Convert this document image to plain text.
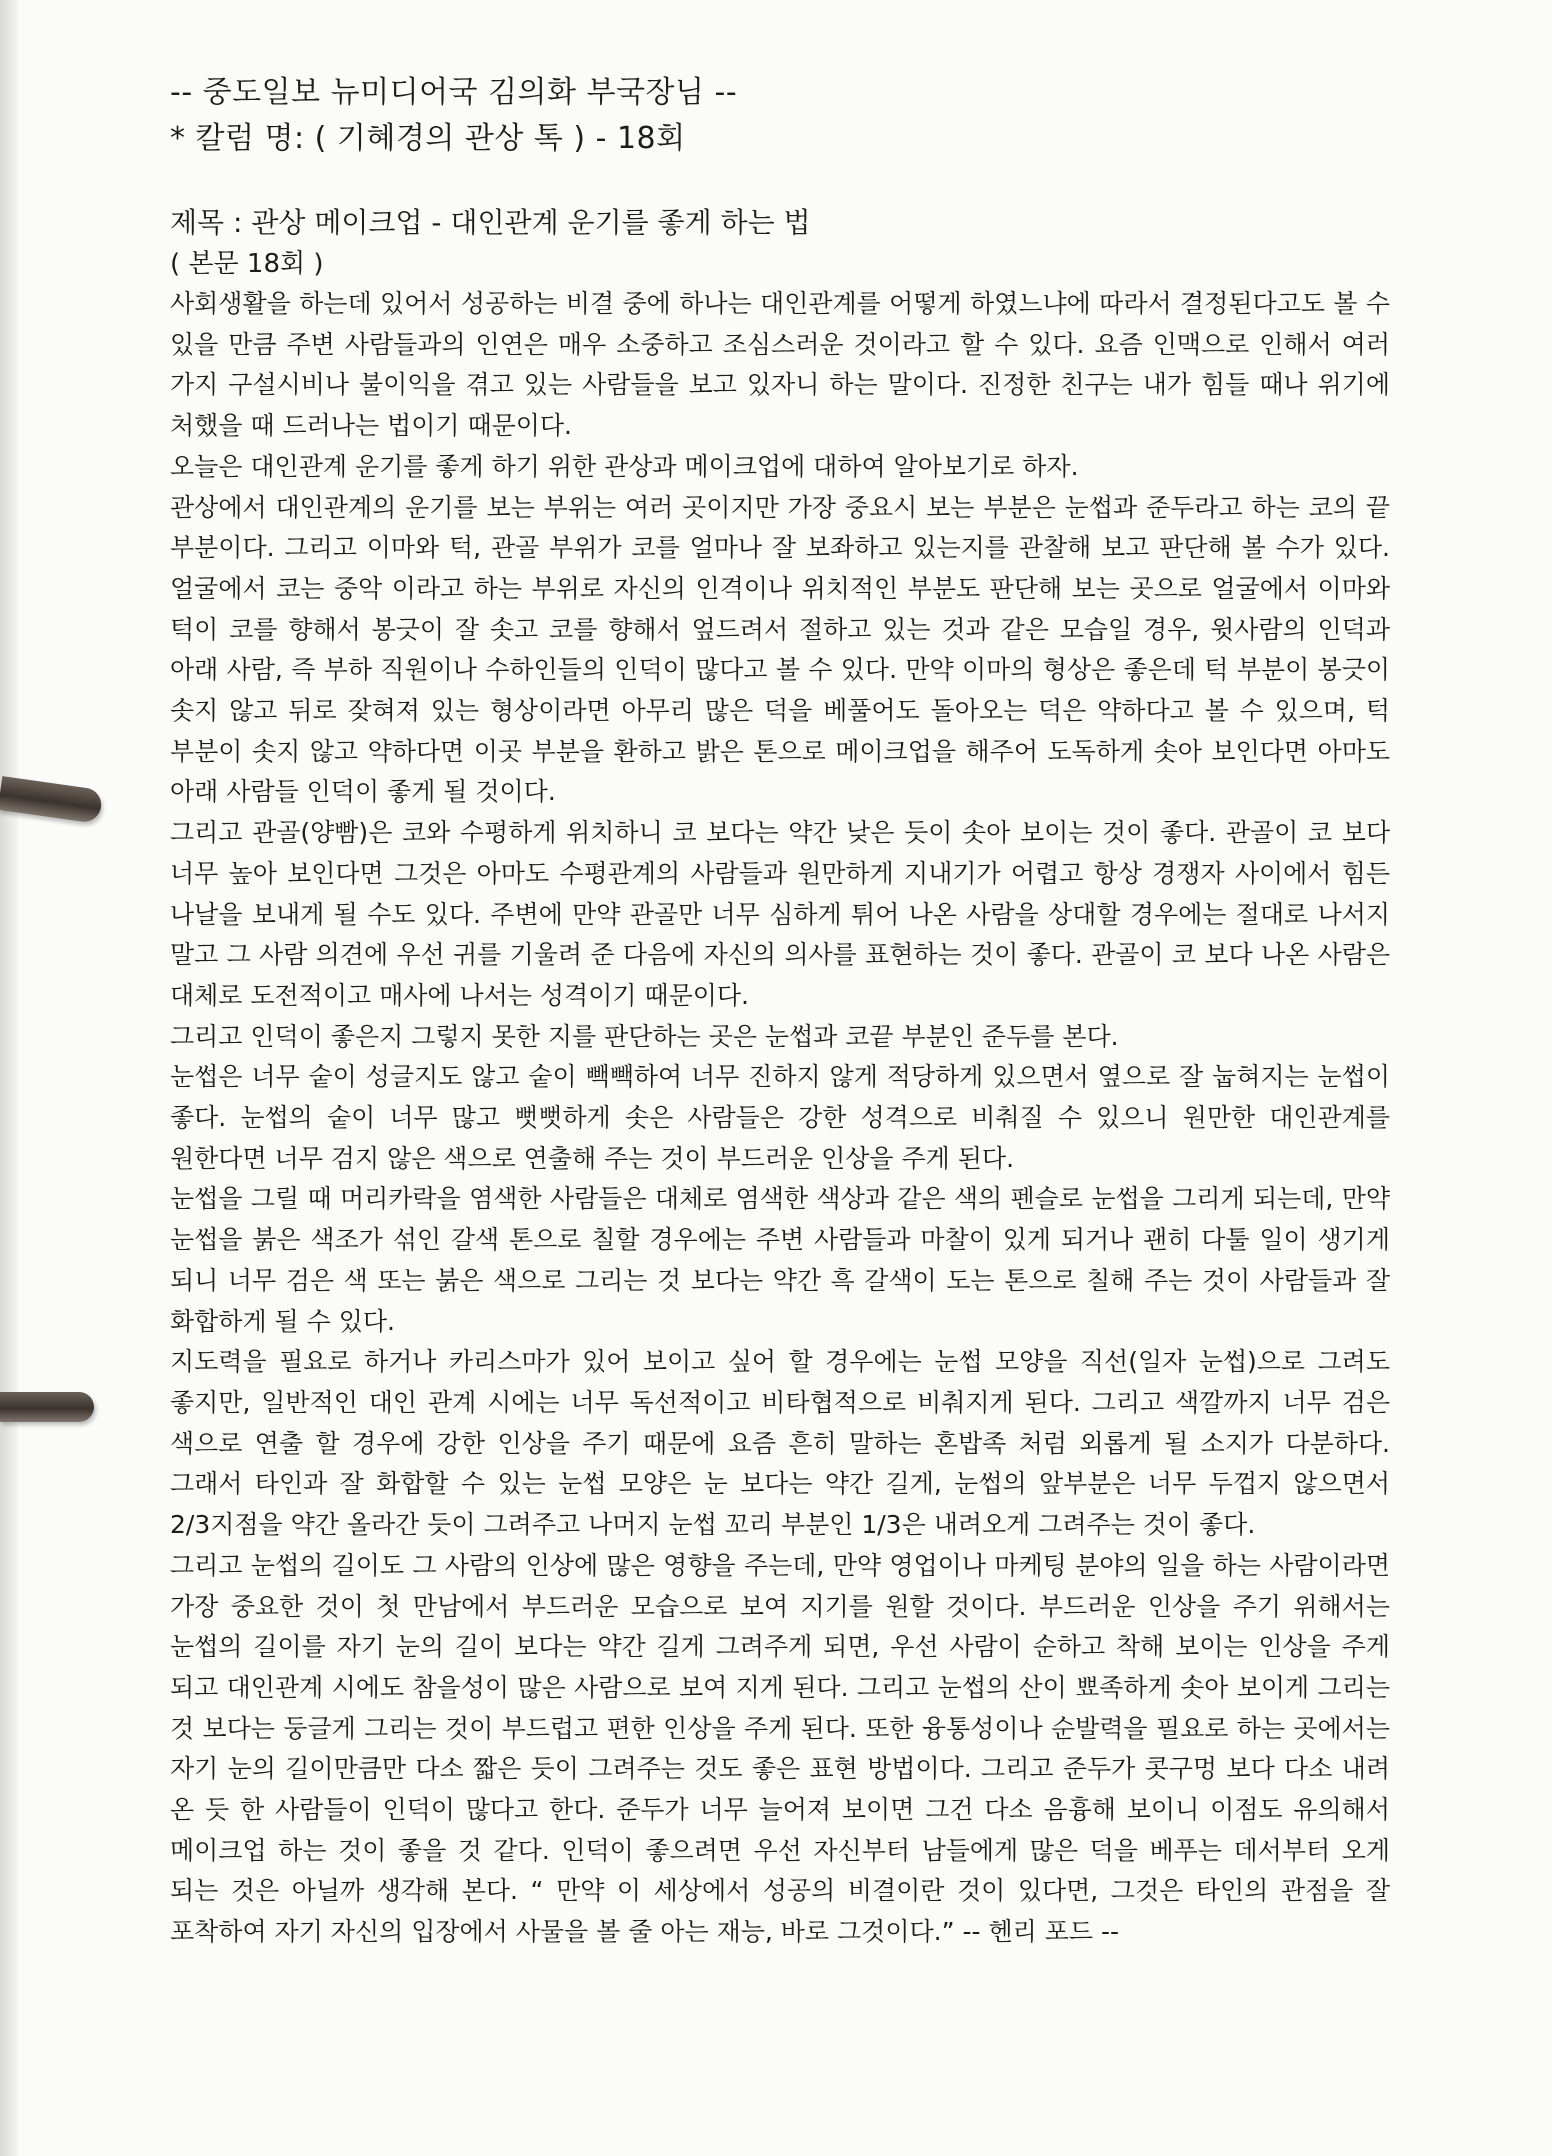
-- 중도일보 뉴미디어국 김의화 부국장님 --
* 칼럼 명: ( 기혜경의 관상 톡 ) - 18회
제목 : 관상 메이크업 - 대인관계 운기를 좋게 하는 법
( 본문 18회 )

사회생활을 하는데 있어서 성공하는 비결 중에 하나는 대인관계를 어떻게 하였느냐에 따라서 결정된다고도 볼 수 있을 만큼 주변 사람들과의 인연은 매우 소중하고 조심스러운 것이라고 할 수 있다. 요즘 인맥으로 인해서 여러 가지 구설시비나 불이익을 겪고 있는 사람들을 보고 있자니 하는 말이다. 진정한 친구는 내가 힘들 때나 위기에 처했을 때 드러나는 법이기 때문이다.

오늘은 대인관계 운기를 좋게 하기 위한 관상과 메이크업에 대하여 알아보기로 하자.

관상에서 대인관계의 운기를 보는 부위는 여러 곳이지만 가장 중요시 보는 부분은 눈썹과 준두라고 하는 코의 끝 부분이다. 그리고 이마와 턱, 관골 부위가 코를 얼마나 잘 보좌하고 있는지를 관찰해 보고 판단해 볼 수가 있다. 얼굴에서 코는 중악 이라고 하는 부위로 자신의 인격이나 위치적인 부분도 판단해 보는 곳으로 얼굴에서 이마와 턱이 코를 향해서 봉긋이 잘 솟고 코를 향해서 엎드려서 절하고 있는 것과 같은 모습일 경우, 윗사람의 인덕과 아래 사람, 즉 부하 직원이나 수하인들의 인덕이 많다고 볼 수 있다. 만약 이마의 형상은 좋은데 턱 부분이 봉긋이 솟지 않고 뒤로 잦혀져 있는 형상이라면 아무리 많은 덕을 베풀어도 돌아오는 덕은 약하다고 볼 수 있으며, 턱 부분이 솟지 않고 약하다면 이곳 부분을 환하고 밝은 톤으로 메이크업을 해주어 도독하게 솟아 보인다면 아마도 아래 사람들 인덕이 좋게 될 것이다.

그리고 관골(양빰)은 코와 수평하게 위치하니 코 보다는 약간 낮은 듯이 솟아 보이는 것이 좋다. 관골이 코 보다 너무 높아 보인다면 그것은 아마도 수평관계의 사람들과 원만하게 지내기가 어렵고 항상 경쟁자 사이에서 힘든 나날을 보내게 될 수도 있다. 주변에 만약 관골만 너무 심하게 튀어 나온 사람을 상대할 경우에는 절대로 나서지 말고 그 사람 의견에 우선 귀를 기울려 준 다음에 자신의 의사를 표현하는 것이 좋다. 관골이 코 보다 나온 사람은 대체로 도전적이고 매사에 나서는 성격이기 때문이다.

그리고 인덕이 좋은지 그렇지 못한 지를 판단하는 곳은 눈썹과 코끝 부분인 준두를 본다.

눈썹은 너무 숱이 성글지도 않고 숱이 빽빽하여 너무 진하지 않게 적당하게 있으면서 옆으로 잘 눕혀지는 눈썹이 좋다. 눈썹의 숱이 너무 많고 뻣뻣하게 솟은 사람들은 강한 성격으로 비춰질 수 있으니 원만한 대인관계를 원한다면 너무 검지 않은 색으로 연출해 주는 것이 부드러운 인상을 주게 된다.

눈썹을 그릴 때 머리카락을 염색한 사람들은 대체로 염색한 색상과 같은 색의 펜슬로 눈썹을 그리게 되는데, 만약 눈썹을 붉은 색조가 섞인 갈색 톤으로 칠할 경우에는 주변 사람들과 마찰이 있게 되거나 괜히 다툴 일이 생기게 되니 너무 검은 색 또는 붉은 색으로 그리는 것 보다는 약간 흑 갈색이 도는 톤으로 칠해 주는 것이 사람들과 잘 화합하게 될 수 있다.

지도력을 필요로 하거나 카리스마가 있어 보이고 싶어 할 경우에는 눈썹 모양을 직선(일자 눈썹)으로 그려도 좋지만, 일반적인 대인 관계 시에는 너무 독선적이고 비타협적으로 비춰지게 된다. 그리고 색깔까지 너무 검은 색으로 연출 할 경우에 강한 인상을 주기 때문에 요즘 흔히 말하는 혼밥족 처럼 외롭게 될 소지가 다분하다. 그래서 타인과 잘 화합할 수 있는 눈썹 모양은 눈 보다는 약간 길게, 눈썹의 앞부분은 너무 두껍지 않으면서 2/3지점을 약간 올라간 듯이 그려주고 나머지 눈썹 꼬리 부분인 1/3은 내려오게 그려주는 것이 좋다.

그리고 눈썹의 길이도 그 사람의 인상에 많은 영향을 주는데, 만약 영업이나 마케팅 분야의 일을 하는 사람이라면 가장 중요한 것이 첫 만남에서 부드러운 모습으로 보여 지기를 원할 것이다. 부드러운 인상을 주기 위해서는 눈썹의 길이를 자기 눈의 길이 보다는 약간 길게 그려주게 되면, 우선 사람이 순하고 착해 보이는 인상을 주게 되고 대인관계 시에도 참을성이 많은 사람으로 보여 지게 된다. 그리고 눈썹의 산이 뾰족하게 솟아 보이게 그리는 것 보다는 둥글게 그리는 것이 부드럽고 편한 인상을 주게 된다. 또한 융통성이나 순발력을 필요로 하는 곳에서는 자기 눈의 길이만큼만 다소 짧은 듯이 그려주는 것도 좋은 표현 방법이다. 그리고 준두가 콧구멍 보다 다소 내려 온 듯 한 사람들이 인덕이 많다고 한다. 준두가 너무 늘어져 보이면 그건 다소 음흉해 보이니 이점도 유의해서 메이크업 하는 것이 좋을 것 같다. 인덕이 좋으려면 우선 자신부터 남들에게 많은 덕을 베푸는 데서부터 오게 되는 것은 아닐까 생각해 본다. “ 만약 이 세상에서 성공의 비결이란 것이 있다면, 그것은 타인의 관점을 잘 포착하여 자기 자신의 입장에서 사물을 볼 줄 아는 재능, 바로 그것이다.” -- 헨리 포드 --
